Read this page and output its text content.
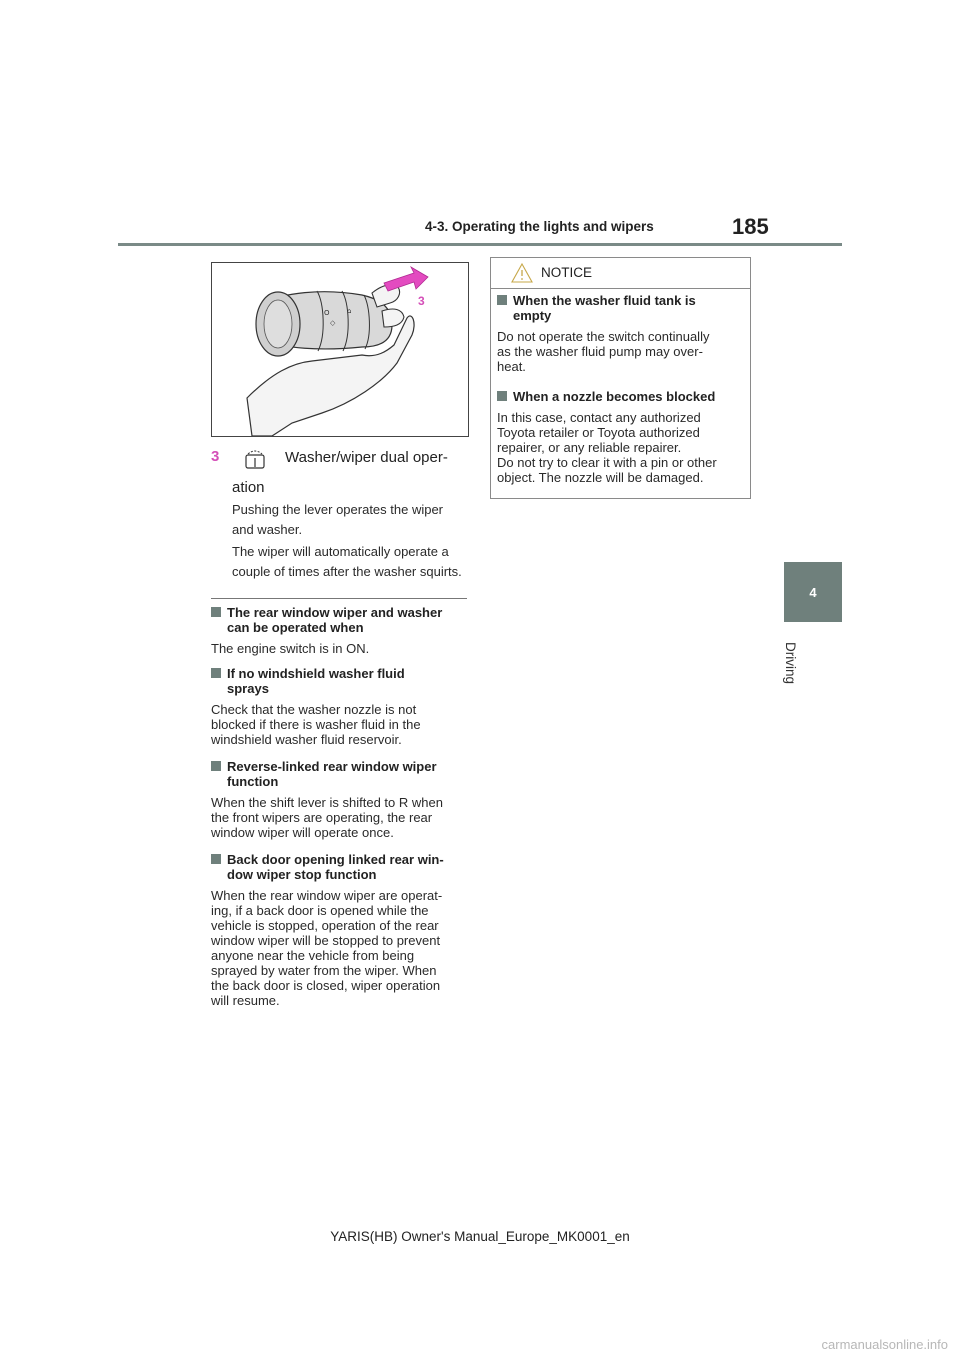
4-3. Operating the lights and wipers	185
4
Driving
O
◇
⌂
3
3	Washer/wiper dual oper-
ation
Pushing the lever operates the wiper
and washer.
The wiper will automatically operate a
couple of times after the washer squirts.
The rear window wiper and washer
can be operated when
The engine switch is in ON.
If no windshield washer fluid
sprays
Check that the washer nozzle is not
blocked if there is washer fluid in the
windshield washer fluid reservoir.
Reverse-linked rear window wiper
function
When the shift lever is shifted to R when
the front wipers are operating, the rear
window wiper will operate once.
Back door opening linked rear win-
dow wiper stop function
When the rear window wiper are operat-
ing, if a back door is opened while the
vehicle is stopped, operation of the rear
window wiper will be stopped to prevent
anyone near the vehicle from being
sprayed by water from the wiper. When
the back door is closed, wiper operation
will resume.
NOTICE
When the washer fluid tank is
empty
Do not operate the switch continually
as the washer fluid pump may over-
heat.
When a nozzle becomes blocked
In this case, contact any authorized
Toyota retailer or Toyota authorized
repairer, or any reliable repairer.
Do not try to clear it with a pin or other
object. The nozzle will be damaged.
YARIS(HB) Owner's Manual_Europe_MK0001_en
carmanualsonline.info
